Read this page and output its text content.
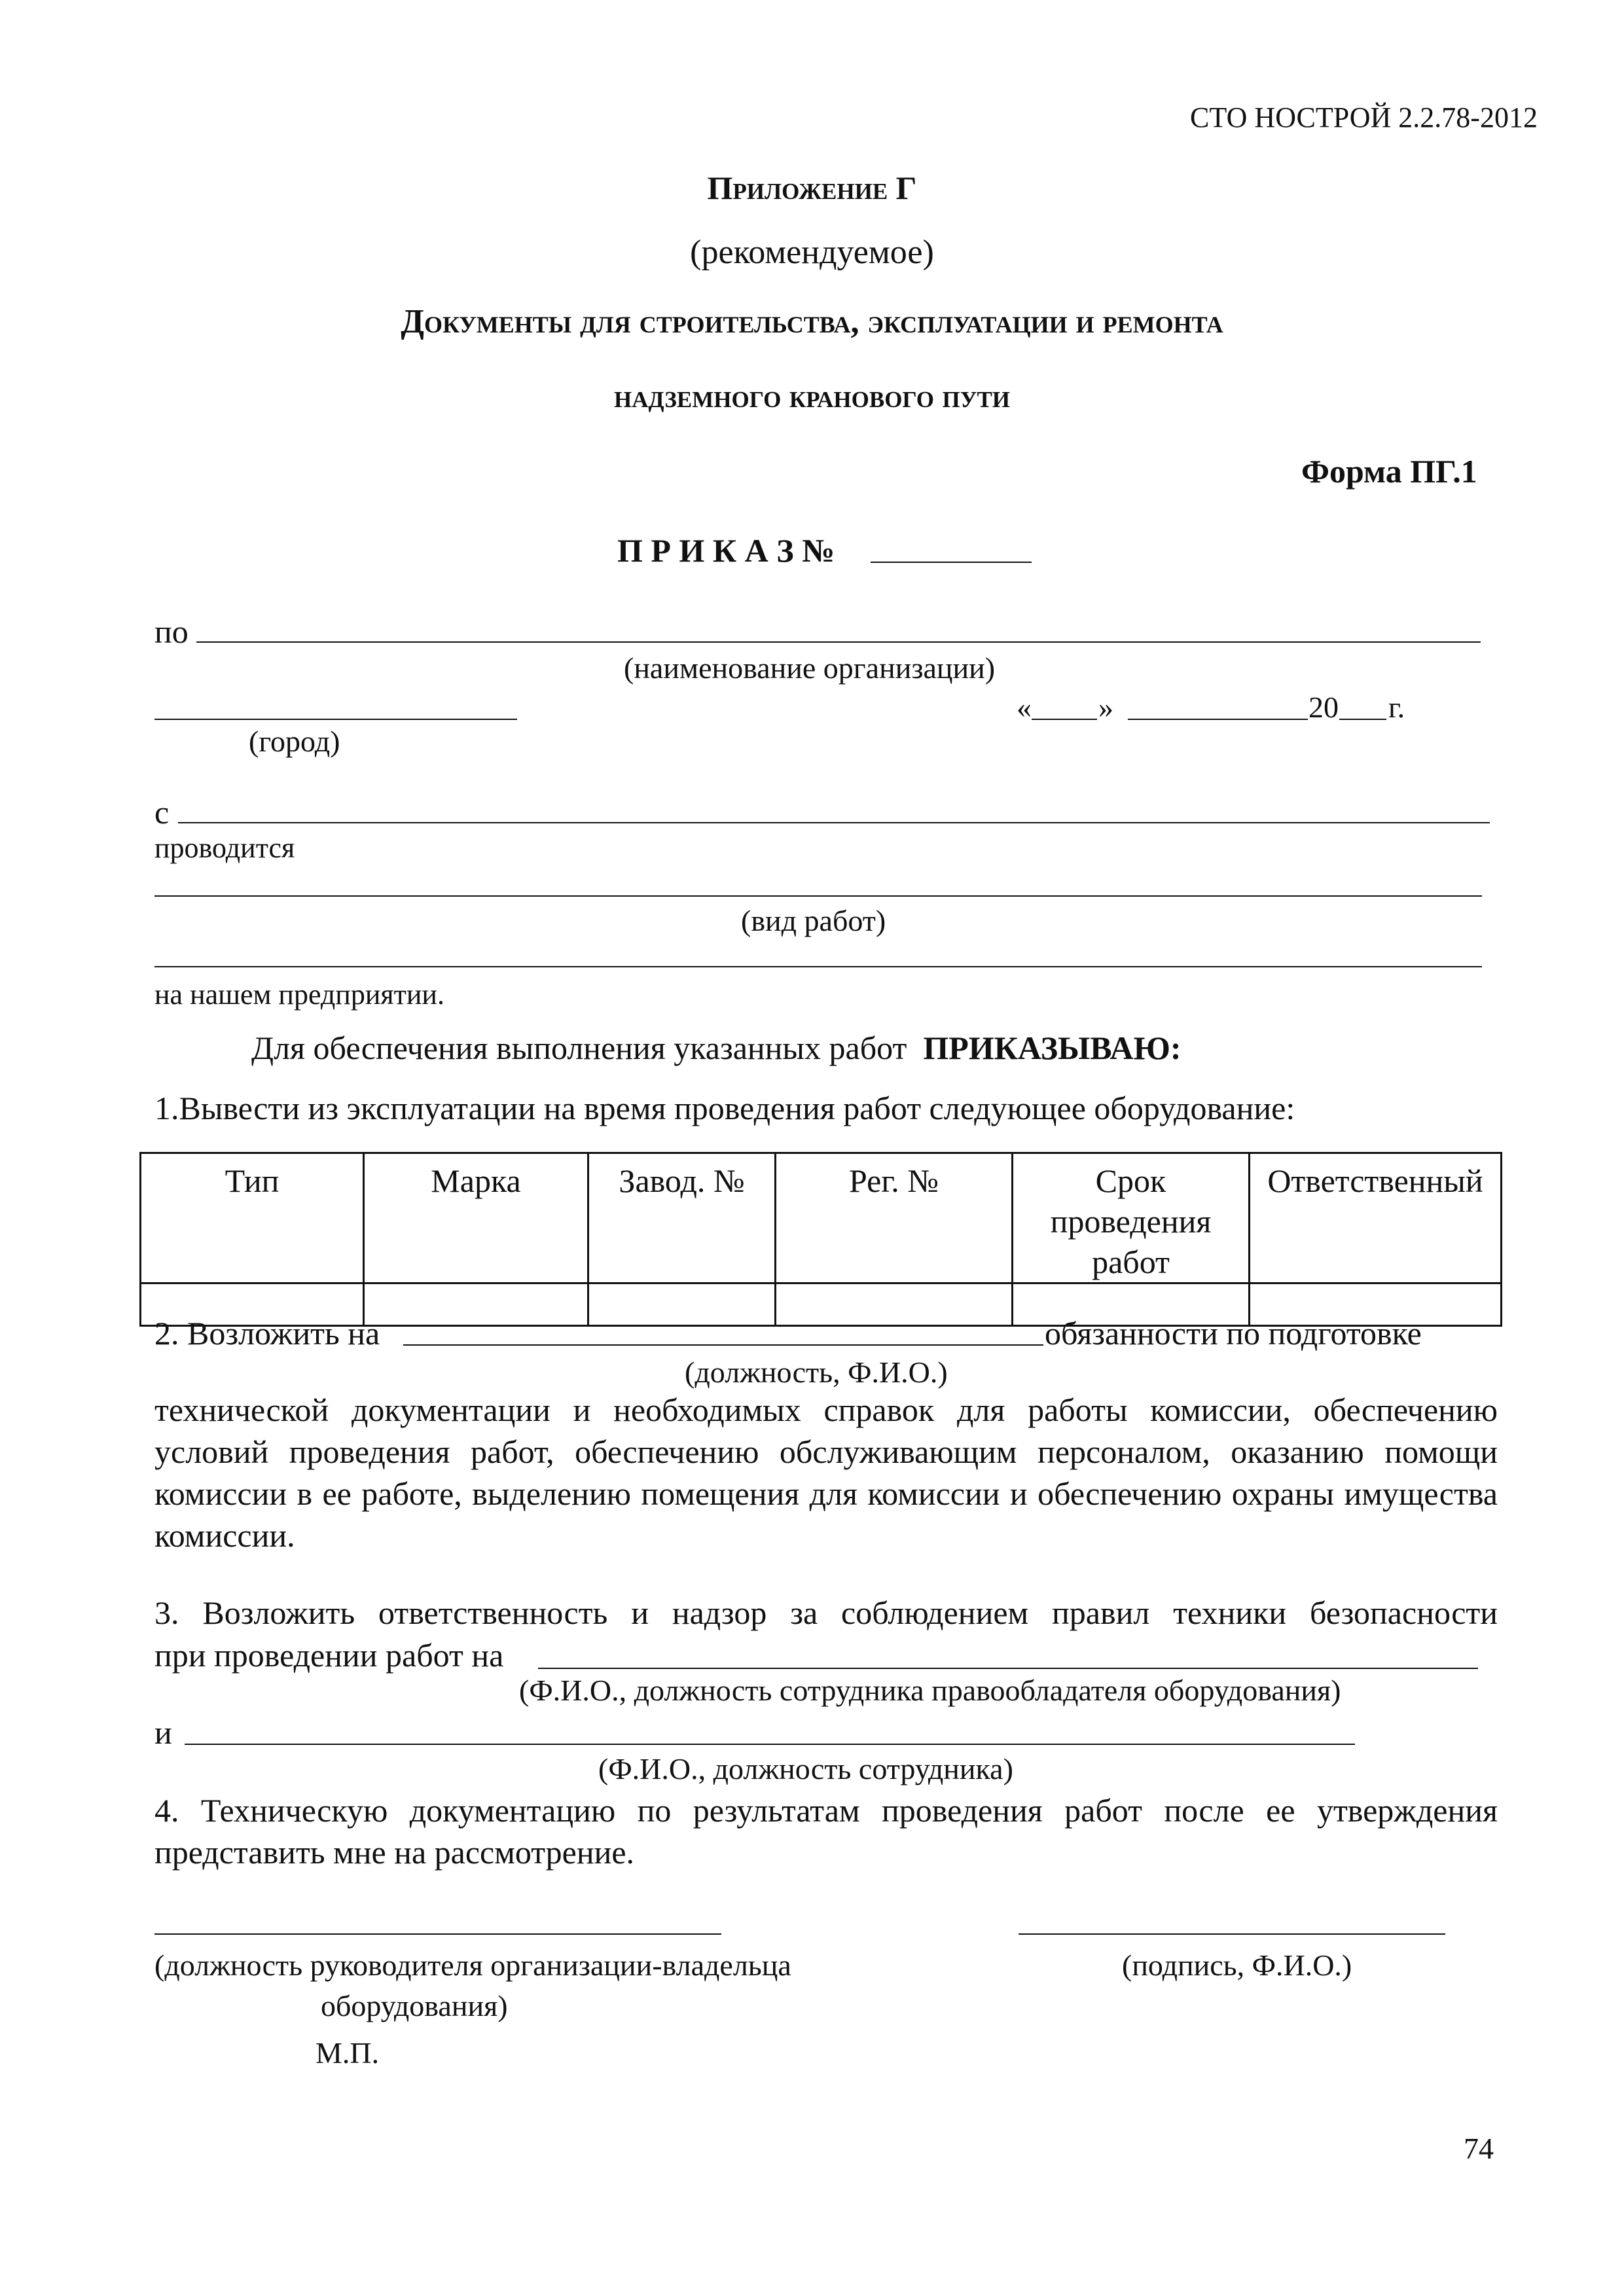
СТО НОСТРОЙ 2.2.78-2012
Приложение Г
(рекомендуемое)
Документы для строительства, эксплуатации и ремонта
надземного кранового пути
Форма ПГ.1
П Р И К А З №
по
(наименование организации)
(город)
« »	20 г.
с
проводится
(вид работ)
на нашем предприятии.
Для обеспечения выполнения указанных работ ПРИКАЗЫВАЮ:
1.Вывести из эксплуатации на время проведения работ следующее оборудование:
Тип	Марка	Завод. №	Рег. №	Срок проведения работ	Ответственный

2. Возложить на	обязанности по подготовке
(должность, Ф.И.О.)
технической документации и необходимых справок для работы комиссии, обеспечению условий проведения работ, обеспечению обслуживающим персоналом, оказанию помощи комиссии в ее работе, выделению помещения для комиссии и обеспечению охраны имущества комиссии.
3. Возложить ответственность и надзор за соблюдением правил техники безопасности
при проведении работ на
(Ф.И.О., должность сотрудника правообладателя оборудования)
и
(Ф.И.О., должность сотрудника)
4. Техническую документацию по результатам проведения работ после ее утверждения представить мне на рассмотрение.
(должность руководителя организации-владельца	(подпись, Ф.И.О.)
оборудования)
М.П.
74
